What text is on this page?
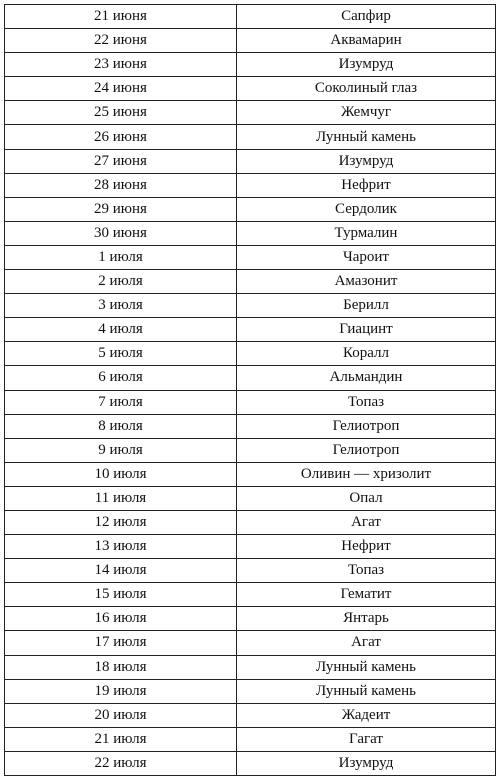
21 июня	Сапфир
22 июня	Аквамарин
23 июня	Изумруд
24 июня	Соколиный глаз
25 июня	Жемчуг
26 июня	Лунный камень
27 июня	Изумруд
28 июня	Нефрит
29 июня	Сердолик
30 июня	Турмалин
1 июля	Чароит
2 июля	Амазонит
3 июля	Берилл
4 июля	Гиацинт
5 июля	Коралл
6 июля	Альмандин
7 июля	Топаз
8 июля	Гелиотроп
9 июля	Гелиотроп
10 июля	Оливин — хризолит
11 июля	Опал
12 июля	Агат
13 июля	Нефрит
14 июля	Топаз
15 июля	Гематит
16 июля	Янтарь
17 июля	Агат
18 июля	Лунный камень
19 июля	Лунный камень
20 июля	Жадеит
21 июля	Гагат
22 июля	Изумруд
